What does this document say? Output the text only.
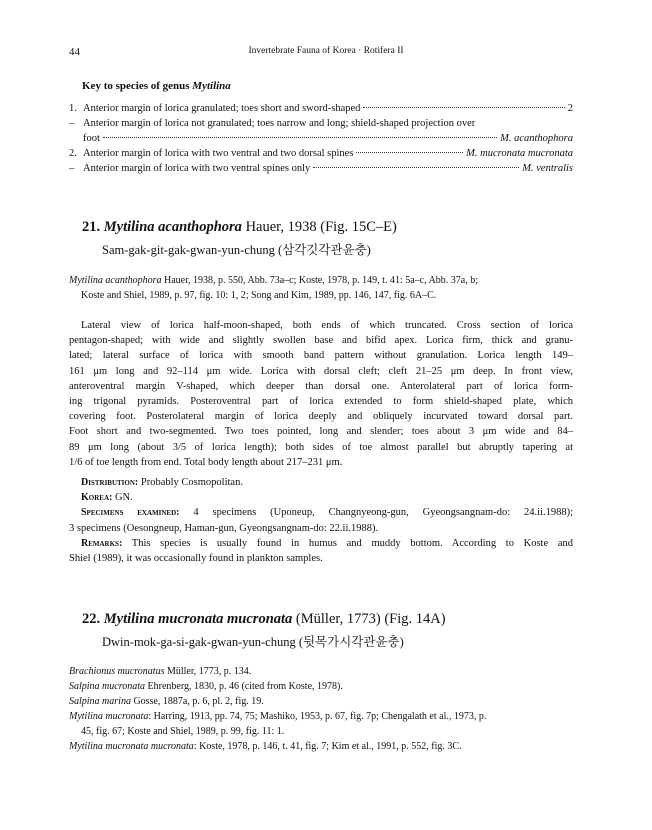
44	Invertebrate Fauna of Korea · Rotifera II
Key to species of genus Mytilina
1. Anterior margin of lorica granulated; toes short and sword-shaped	2
– Anterior margin of lorica not granulated; toes narrow and long; shield-shaped projection over
foot	M. acanthophora
2. Anterior margin of lorica with two ventral and two dorsal spines	M. mucronata mucronata
– Anterior margin of lorica with two ventral spines only	M. ventralis
21. Mytilina acanthophora Hauer, 1938 (Fig. 15C–E)
Sam-gak-git-gak-gwan-yun-chung (삼각깃각관윤충)
Mytilina acanthophora Hauer, 1938, p. 550, Abb. 73a–c; Koste, 1978, p. 149, t. 41: 5a–c, Abb. 37a, b;
Koste and Shiel, 1989, p. 97, fig. 10: 1, 2; Song and Kim, 1989, pp. 146, 147, fig. 6A–C.
Lateral view of lorica half-moon-shaped, both ends of which truncated. Cross section of lorica
pentagon-shaped; with wide and slightly swollen base and bifid apex. Lorica firm, thick and granu-
lated; lateral surface of lorica with smooth band pattern without granulation. Lorica length 149–
161 μm long and 92–114 μm wide. Lorica with dorsal cleft; cleft 21–25 μm deep. In front view,
anteroventral margin V-shaped, which deeper than dorsal one. Anterolateral part of lorica form-
ing trigonal pyramids. Posteroventral part of lorica extended to form shield-shaped plate, which
covering foot. Posterolateral margin of lorica deeply and obliquely incurvated toward dorsal part.
Foot short and two-segmented. Two toes pointed, long and slender; toes about 3 μm wide and 84–
89 μm long (about 3/5 of lorica length); both sides of toe almost parallel but abruptly tapering at
1/6 of toe length from end. Total body length about 217–231 μm.
Distribution: Probably Cosmopolitan.
Korea: GN.
Specimens examined: 4 specimens (Uponeup, Changnyeong-gun, Gyeongsangnam-do: 24.ii.1988);
3 specimens (Oesongneup, Haman-gun, Gyeongsangnam-do: 22.ii.1988).
Remarks: This species is usually found in humus and muddy bottom. According to Koste and
Shiel (1989), it was occasionally found in plankton samples.
22. Mytilina mucronata mucronata (Müller, 1773) (Fig. 14A)
Dwin-mok-ga-si-gak-gwan-yun-chung (뒷목가시각관윤충)
Brachionus mucronatus Müller, 1773, p. 134.
Salpina mucronata Ehrenberg, 1830, p. 46 (cited from Koste, 1978).
Salpina marina Gosse, 1887a, p. 6, pl. 2, fig. 19.
Mytilina mucronata: Harring, 1913, pp. 74, 75; Mashiko, 1953, p. 67, fig. 7p; Chengalath et al., 1973, p.
45, fig. 67; Koste and Shiel, 1989, p. 99, fig. 11: 1.
Mytilina mucronata mucronata: Koste, 1978, p. 146, t. 41, fig. 7; Kim et al., 1991, p. 552, fig. 3C.
